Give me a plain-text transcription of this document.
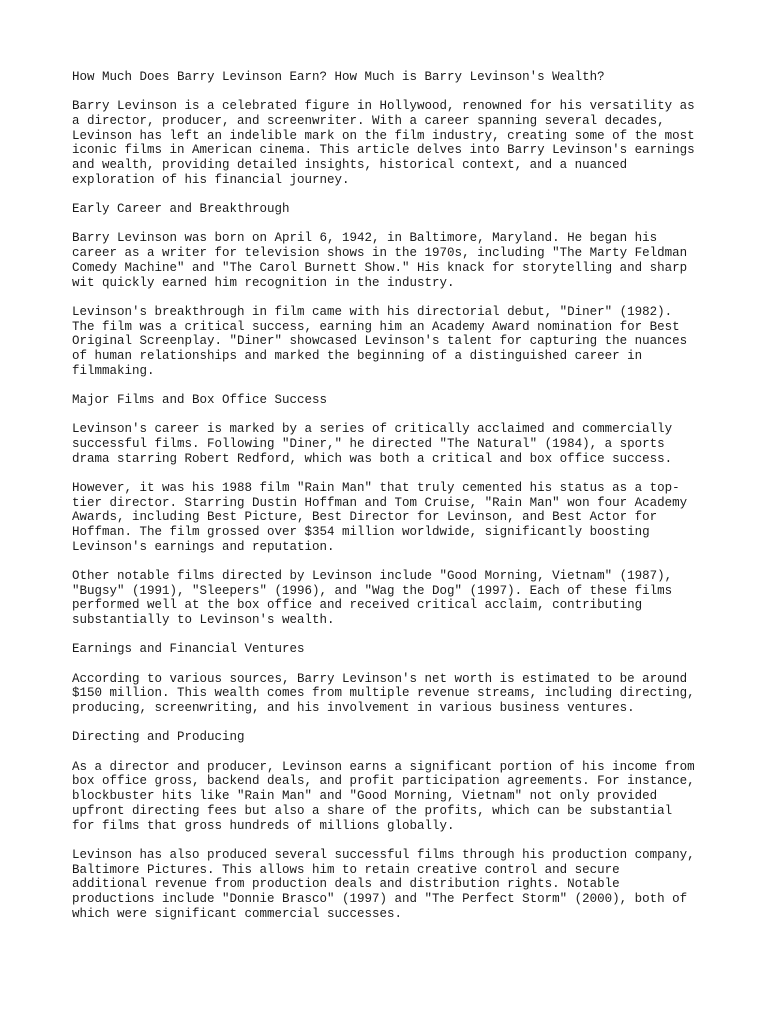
How Much Does Barry Levinson Earn? How Much is Barry Levinson's Wealth?

Barry Levinson is a celebrated figure in Hollywood, renowned for his versatility as
a director, producer, and screenwriter. With a career spanning several decades,
Levinson has left an indelible mark on the film industry, creating some of the most
iconic films in American cinema. This article delves into Barry Levinson's earnings
and wealth, providing detailed insights, historical context, and a nuanced
exploration of his financial journey.

Early Career and Breakthrough

Barry Levinson was born on April 6, 1942, in Baltimore, Maryland. He began his
career as a writer for television shows in the 1970s, including "The Marty Feldman
Comedy Machine" and "The Carol Burnett Show." His knack for storytelling and sharp
wit quickly earned him recognition in the industry.

Levinson's breakthrough in film came with his directorial debut, "Diner" (1982).
The film was a critical success, earning him an Academy Award nomination for Best
Original Screenplay. "Diner" showcased Levinson's talent for capturing the nuances
of human relationships and marked the beginning of a distinguished career in
filmmaking.

Major Films and Box Office Success

Levinson's career is marked by a series of critically acclaimed and commercially
successful films. Following "Diner," he directed "The Natural" (1984), a sports
drama starring Robert Redford, which was both a critical and box office success.

However, it was his 1988 film "Rain Man" that truly cemented his status as a top-
tier director. Starring Dustin Hoffman and Tom Cruise, "Rain Man" won four Academy
Awards, including Best Picture, Best Director for Levinson, and Best Actor for
Hoffman. The film grossed over $354 million worldwide, significantly boosting
Levinson's earnings and reputation.

Other notable films directed by Levinson include "Good Morning, Vietnam" (1987),
"Bugsy" (1991), "Sleepers" (1996), and "Wag the Dog" (1997). Each of these films
performed well at the box office and received critical acclaim, contributing
substantially to Levinson's wealth.

Earnings and Financial Ventures

According to various sources, Barry Levinson's net worth is estimated to be around
$150 million. This wealth comes from multiple revenue streams, including directing,
producing, screenwriting, and his involvement in various business ventures.

Directing and Producing

As a director and producer, Levinson earns a significant portion of his income from
box office gross, backend deals, and profit participation agreements. For instance,
blockbuster hits like "Rain Man" and "Good Morning, Vietnam" not only provided
upfront directing fees but also a share of the profits, which can be substantial
for films that gross hundreds of millions globally.

Levinson has also produced several successful films through his production company,
Baltimore Pictures. This allows him to retain creative control and secure
additional revenue from production deals and distribution rights. Notable
productions include "Donnie Brasco" (1997) and "The Perfect Storm" (2000), both of
which were significant commercial successes.
